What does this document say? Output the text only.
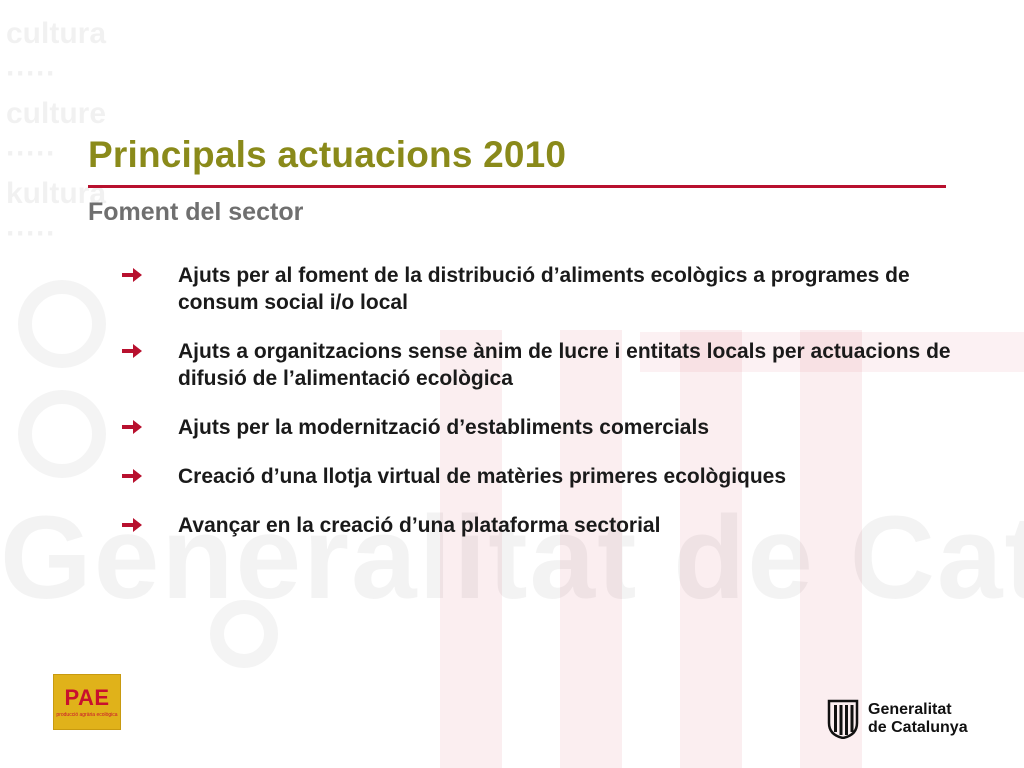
cultura
·····
culture
·····
kultura
·····
Principals actuacions 2010
Foment del sector
Ajuts per al foment de la distribució d’aliments ecològics a programes de consum social i/o local
Ajuts a organitzacions sense ànim de lucre i entitats locals per actuacions de difusió de l’alimentació ecològica
Ajuts per la modernització d’establiments comercials
Creació d’una llotja virtual de matèries primeres ecològiques
Avançar en la creació d’una plataforma sectorial
PAE
producció agrària ecològica	Generalitat
de Catalunya
